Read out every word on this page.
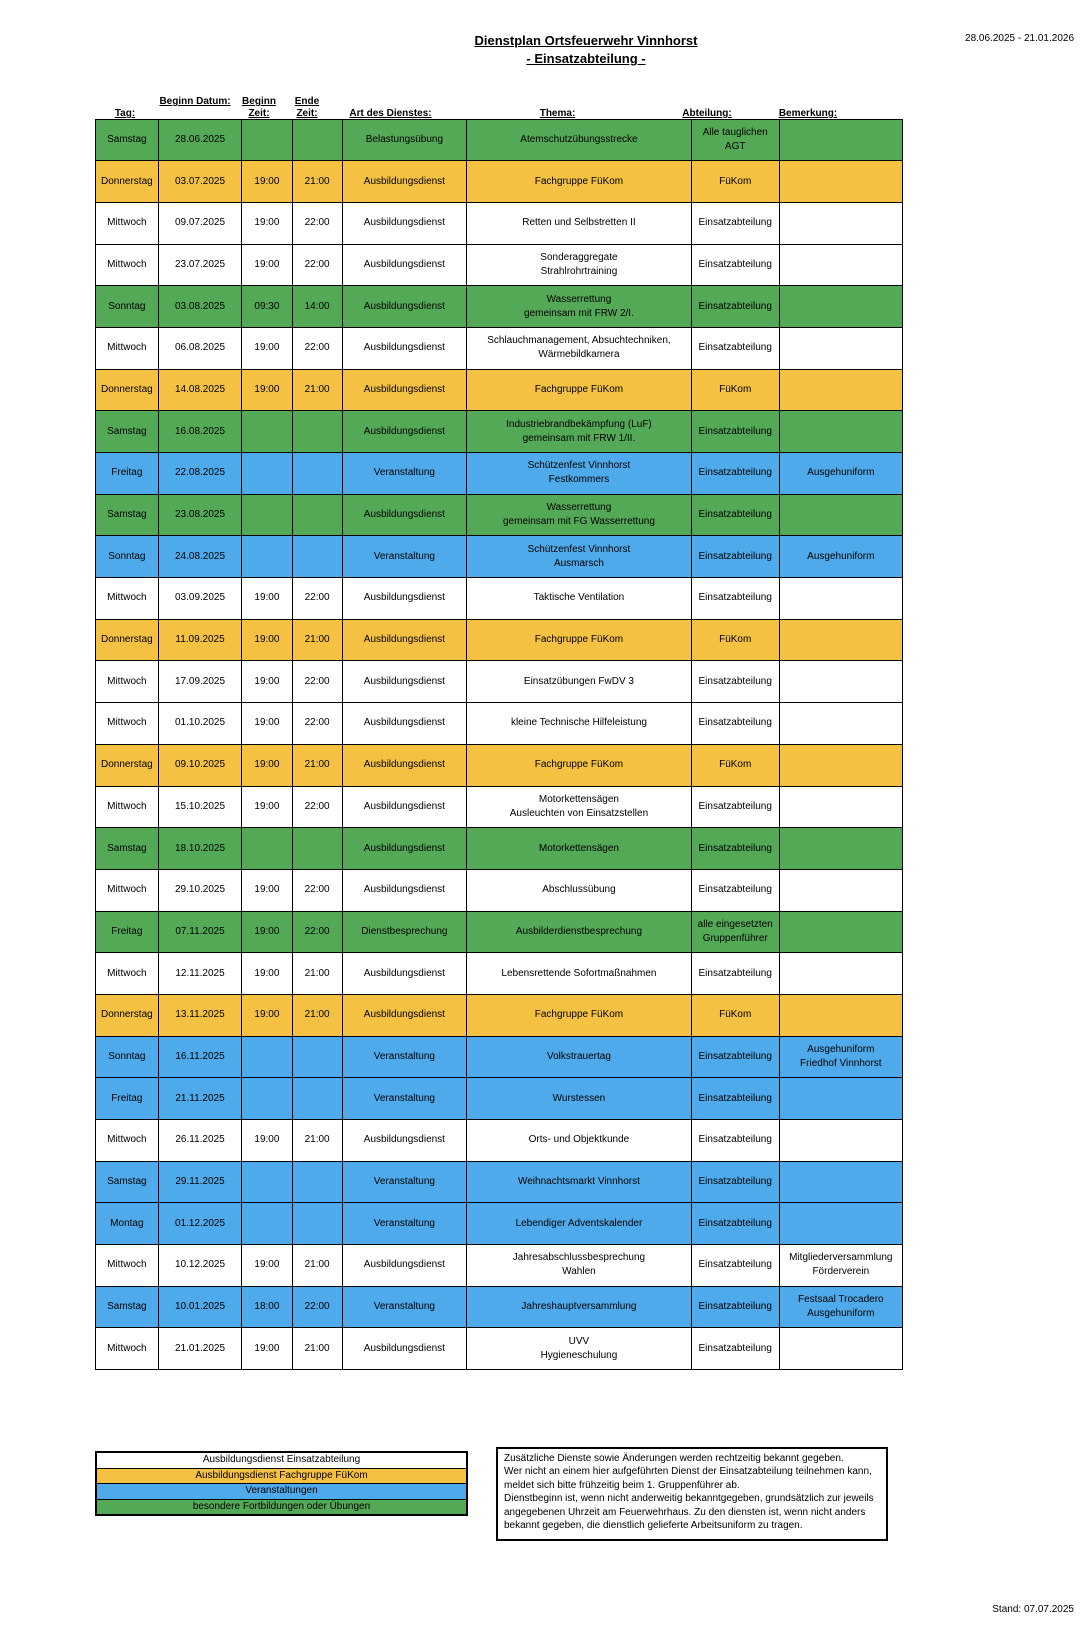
Dienstplan Ortsfeuerwehr Vinnhorst
- Einsatzabteilung -
28.06.2025 - 21.01.2026
Tag:
Beginn Datum:	Beginn Zeit:
Ende Zeit:	Art des Dienstes:	Thema:	Abteilung:	Bemerkung:
Samstag	28.06.2025			Belastungsübung	Atemschutzübungsstrecke	Alle tauglichen
AGT	
Donnerstag	03.07.2025	19:00	21:00	Ausbildungsdienst	Fachgruppe FüKom	FüKom	
Mittwoch	09.07.2025	19:00	22:00	Ausbildungsdienst	Retten und Selbstretten II	Einsatzabteilung	
Mittwoch	23.07.2025	19:00	22:00	Ausbildungsdienst	Sonderaggregate
Strahlrohrtraining	Einsatzabteilung	
Sonntag	03.08.2025	09:30	14:00	Ausbildungsdienst	Wasserrettung
gemeinsam mit FRW 2/I.	Einsatzabteilung	
Mittwoch	06.08.2025	19:00	22:00	Ausbildungsdienst	Schlauchmanagement, Absuchtechniken,
Wärmebildkamera	Einsatzabteilung	
Donnerstag	14.08.2025	19:00	21:00	Ausbildungsdienst	Fachgruppe FüKom	FüKom	
Samstag	16.08.2025			Ausbildungsdienst	Industriebrandbekämpfung (LuF)
gemeinsam mit FRW 1/II.	Einsatzabteilung	
Freitag	22.08.2025			Veranstaltung	Schützenfest Vinnhorst
Festkommers	Einsatzabteilung	Ausgehuniform
Samstag	23.08.2025			Ausbildungsdienst	Wasserrettung
gemeinsam mit FG Wasserrettung	Einsatzabteilung	
Sonntag	24.08.2025			Veranstaltung	Schützenfest Vinnhorst
Ausmarsch	Einsatzabteilung	Ausgehuniform
Mittwoch	03.09.2025	19:00	22:00	Ausbildungsdienst	Taktische Ventilation	Einsatzabteilung	
Donnerstag	11.09.2025	19:00	21:00	Ausbildungsdienst	Fachgruppe FüKom	FüKom	
Mittwoch	17.09.2025	19:00	22:00	Ausbildungsdienst	Einsatzübungen FwDV 3	Einsatzabteilung	
Mittwoch	01.10.2025	19:00	22:00	Ausbildungsdienst	kleine Technische Hilfeleistung	Einsatzabteilung	
Donnerstag	09.10.2025	19:00	21:00	Ausbildungsdienst	Fachgruppe FüKom	FüKom	
Mittwoch	15.10.2025	19:00	22:00	Ausbildungsdienst	Motorkettensägen
Ausleuchten von Einsatzstellen	Einsatzabteilung	
Samstag	18.10.2025			Ausbildungsdienst	Motorkettensägen	Einsatzabteilung	
Mittwoch	29.10.2025	19:00	22:00	Ausbildungsdienst	Abschlussübung	Einsatzabteilung	
Freitag	07.11.2025	19:00	22:00	Dienstbesprechung	Ausbilderdienstbesprechung	alle eingesetzten
Gruppenführer	
Mittwoch	12.11.2025	19:00	21:00	Ausbildungsdienst	Lebensrettende Sofortmaßnahmen	Einsatzabteilung	
Donnerstag	13.11.2025	19:00	21:00	Ausbildungsdienst	Fachgruppe FüKom	FüKom	
Sonntag	16.11.2025			Veranstaltung	Volkstrauertag	Einsatzabteilung	Ausgehuniform
Friedhof Vinnhorst
Freitag	21.11.2025			Veranstaltung	Wurstessen	Einsatzabteilung	
Mittwoch	26.11.2025	19:00	21:00	Ausbildungsdienst	Orts- und Objektkunde	Einsatzabteilung	
Samstag	29.11.2025			Veranstaltung	Weihnachtsmarkt Vinnhorst	Einsatzabteilung	
Montag	01.12.2025			Veranstaltung	Lebendiger Adventskalender	Einsatzabteilung	
Mittwoch	10.12.2025	19:00	21:00	Ausbildungsdienst	Jahresabschlussbesprechung
Wahlen	Einsatzabteilung	Mitgliederversammlung
Förderverein
Samstag	10.01.2025	18:00	22:00	Veranstaltung	Jahreshauptversammlung	Einsatzabteilung	Festsaal Trocadero
Ausgehuniform
Mittwoch	21.01.2025	19:00	21:00	Ausbildungsdienst	UVV
Hygieneschulung	Einsatzabteilung	
Ausbildungsdienst Einsatzabteilung
Ausbildungsdienst Fachgruppe FüKom
Veranstaltungen
besondere Fortbildungen oder Übungen

Zusätzliche Dienste sowie Änderungen werden rechtzeitig bekannt gegeben.

Wer nicht an einem hier aufgeführten Dienst der Einsatzabteilung teilnehmen kann, meldet sich bitte frühzeitig beim 1. Gruppenführer ab.

Dienstbeginn ist, wenn nicht anderweitig bekanntgegeben, grundsätzlich zur jeweils angegebenen Uhrzeit am Feuerwehrhaus. Zu den diensten ist, wenn nicht anders bekannt gegeben, die dienstlich gelieferte Arbeitsuniform zu tragen.

Stand: 07.07.2025
